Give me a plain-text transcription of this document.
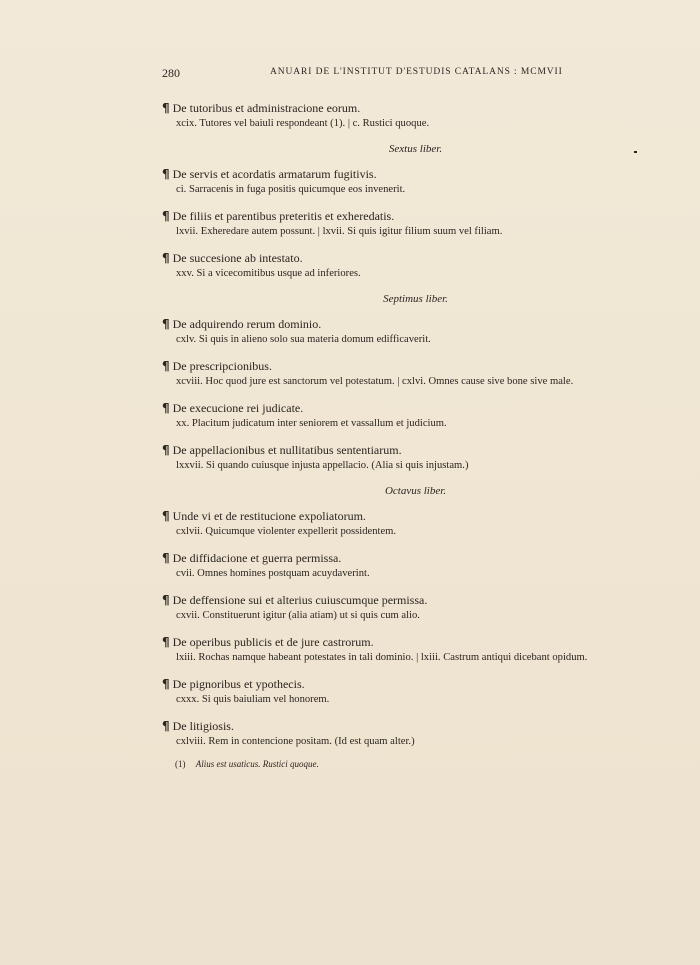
280	ANUARI DE L'INSTITUT D'ESTUDIS CATALANS : MCMVII
¶ De tutoribus et administracione eorum.
xcix. Tutores vel baiuli respondeant (1). | c. Rustici quoque.
Sextus liber.
¶ De servis et acordatis armatarum fugitivis.
ci. Sarracenis in fuga positis quicumque eos invenerit.
¶ De filiis et parentibus preteritis et exheredatis.
lxvii. Exheredare autem possunt. | lxvii. Si quis igitur filium suum vel filiam.
¶ De succesione ab intestato.
xxv. Si a vicecomitibus usque ad inferiores.
Septimus liber.
¶ De adquirendo rerum dominio.
cxlv. Si quis in alieno solo sua materia domum edifficaverit.
¶ De prescripcionibus.
xcviii. Hoc quod jure est sanctorum vel potestatum. | cxlvi. Omnes cause sive bone sive male.
¶ De execucione rei judicate.
xx. Placitum judicatum inter seniorem et vassallum et judicium.
¶ De appellacionibus et nullitatibus sententiarum.
lxxvii. Si quando cuiusque injusta appellacio. (Alia si quis injustam.)
Octavus liber.
¶ Unde vi et de restitucione expoliatorum.
cxlvii. Quicumque violenter expellerit possidentem.
¶ De diffidacione et guerra permissa.
cvii. Omnes homines postquam acuydaverint.
¶ De deffensione sui et alterius cuiuscumque permissa.
cxvii. Constituerunt igitur (alia atiam) ut si quis cum alio.
¶ De operibus publicis et de jure castrorum.
lxiii. Rochas namque habeant potestates in tali dominio. | lxiii. Castrum antiqui dicebant opidum.
¶ De pignoribus et ypothecis.
cxxx. Si quis baiuliam vel honorem.
¶ De litigiosis.
cxlviii. Rem in contencione positam. (Id est quam alter.)
(1) Alius est usaticus. Rustici quoque.
